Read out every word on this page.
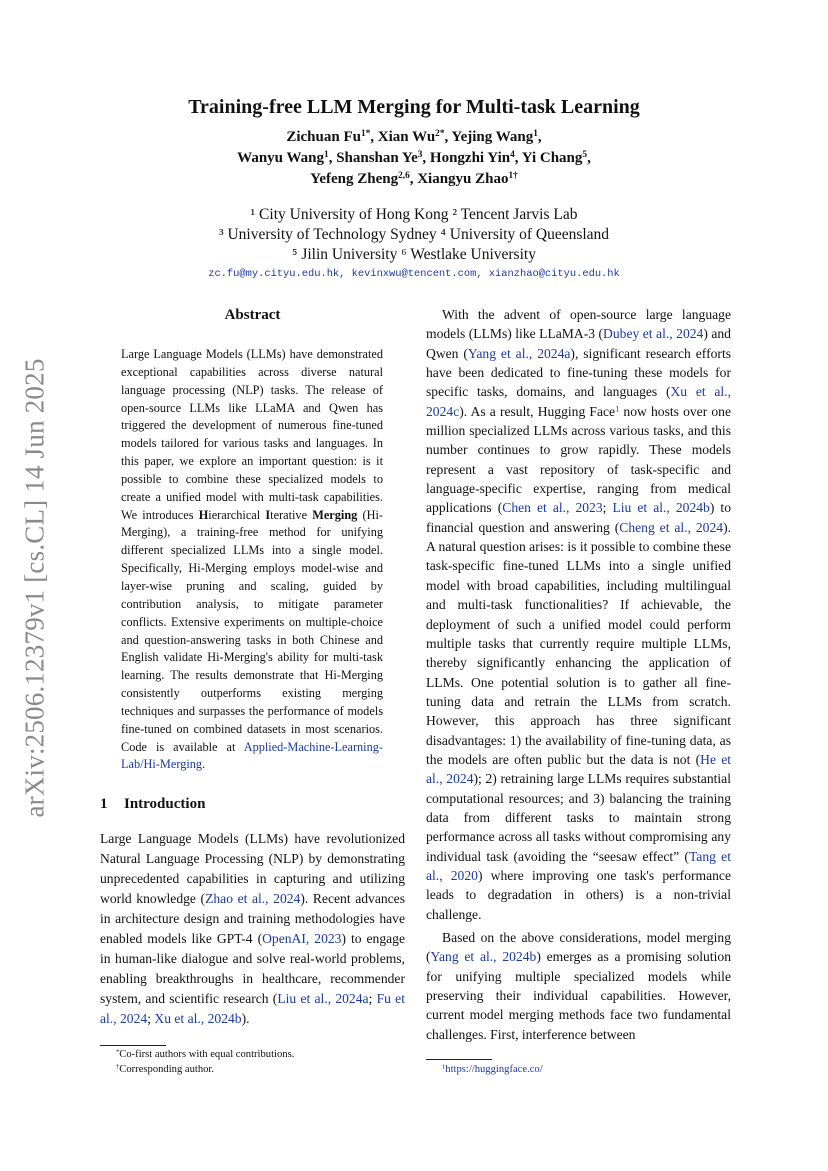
arXiv:2506.12379v1 [cs.CL] 14 Jun 2025
Training-free LLM Merging for Multi-task Learning
Zichuan $Fu^{1*}$, Xian $Wu^{2*}$, Yejing Wang$^1$,
Wanyu Wang$^1$, Shanshan Ye$^3$, Hongzhi Yin$^4$, Yi Chang$^5$,
Yefeng Zheng$^{2,6}$, Xiangyu Zhao$^{1\dagger}$
¹ City University of Hong Kong ² Tencent Jarvis Lab
³ University of Technology Sydney ⁴ University of Queensland
⁵ Jilin University ⁶ Westlake University
zc.fu@my.cityu.edu.hk, kevinxwu@tencent.com, xianzhao@cityu.edu.hk
Abstract
Large Language Models (LLMs) have demonstrated exceptional capabilities across diverse natural language processing (NLP) tasks. The release of open-source LLMs like LLaMA and Qwen has triggered the development of numerous fine-tuned models tailored for various tasks and languages. In this paper, we explore an important question: is it possible to combine these specialized models to create a unified model with multi-task capabilities. We introduces Hierarchical Iterative Merging (Hi-Merging), a training-free method for unifying different specialized LLMs into a single model. Specifically, Hi-Merging employs model-wise and layer-wise pruning and scaling, guided by contribution analysis, to mitigate parameter conflicts. Extensive experiments on multiple-choice and question-answering tasks in both Chinese and English validate Hi-Merging's ability for multi-task learning. The results demonstrate that Hi-Merging consistently outperforms existing merging techniques and surpasses the performance of models fine-tuned on combined datasets in most scenarios. Code is available at Applied-Machine-Learning-Lab/Hi-Merging.
1 Introduction
Large Language Models (LLMs) have revolutionized Natural Language Processing (NLP) by demonstrating unprecedented capabilities in capturing and utilizing world knowledge (Zhao et al., 2024). Recent advances in architecture design and training methodologies have enabled models like GPT-4 (OpenAI, 2023) to engage in human-like dialogue and solve real-world problems, enabling breakthroughs in healthcare, recommender system, and scientific research (Liu et al., 2024a; Fu et al., 2024; Xu et al., 2024b).

With the advent of open-source large language models (LLMs) like LLaMA-3 (Dubey et al., 2024) and Qwen (Yang et al., 2024a), significant research efforts have been dedicated to fine-tuning these models for specific tasks, domains, and languages (Xu et al., 2024c). As a result, Hugging Face$^1$ now hosts over one million specialized LLMs across various tasks, and this number continues to grow rapidly. These models represent a vast repository of task-specific and language-specific expertise, ranging from medical applications (Chen et al., 2023; Liu et al., 2024b) to financial question and answering (Cheng et al., 2024). A natural question arises: is it possible to combine these task-specific fine-tuned LLMs into a single unified model with broad capabilities, including multilingual and multi-task functionalities? If achievable, the deployment of such a unified model could perform multiple tasks that currently require multiple LLMs, thereby significantly enhancing the application of LLMs. One potential solution is to gather all fine-tuning data and retrain the LLMs from scratch. However, this approach has three significant disadvantages: 1) the availability of fine-tuning data, as the models are often public but the data is not (He et al., 2024); 2) retraining large LLMs requires substantial computational resources; and 3) balancing the training data from different tasks to maintain strong performance across all tasks without compromising any individual task (avoiding the “seesaw effect” (Tang et al., 2020) where improving one task's performance leads to degradation in others) is a non-trivial challenge.

Based on the above considerations, model merging (Yang et al., 2024b) emerges as a promising solution for unifying multiple specialized models while preserving their individual capabilities. However, current model merging methods face two fundamental challenges. First, interference between

*Co-first authors with equal contributions.
†Corresponding author.	$^1$https://huggingface.co/
